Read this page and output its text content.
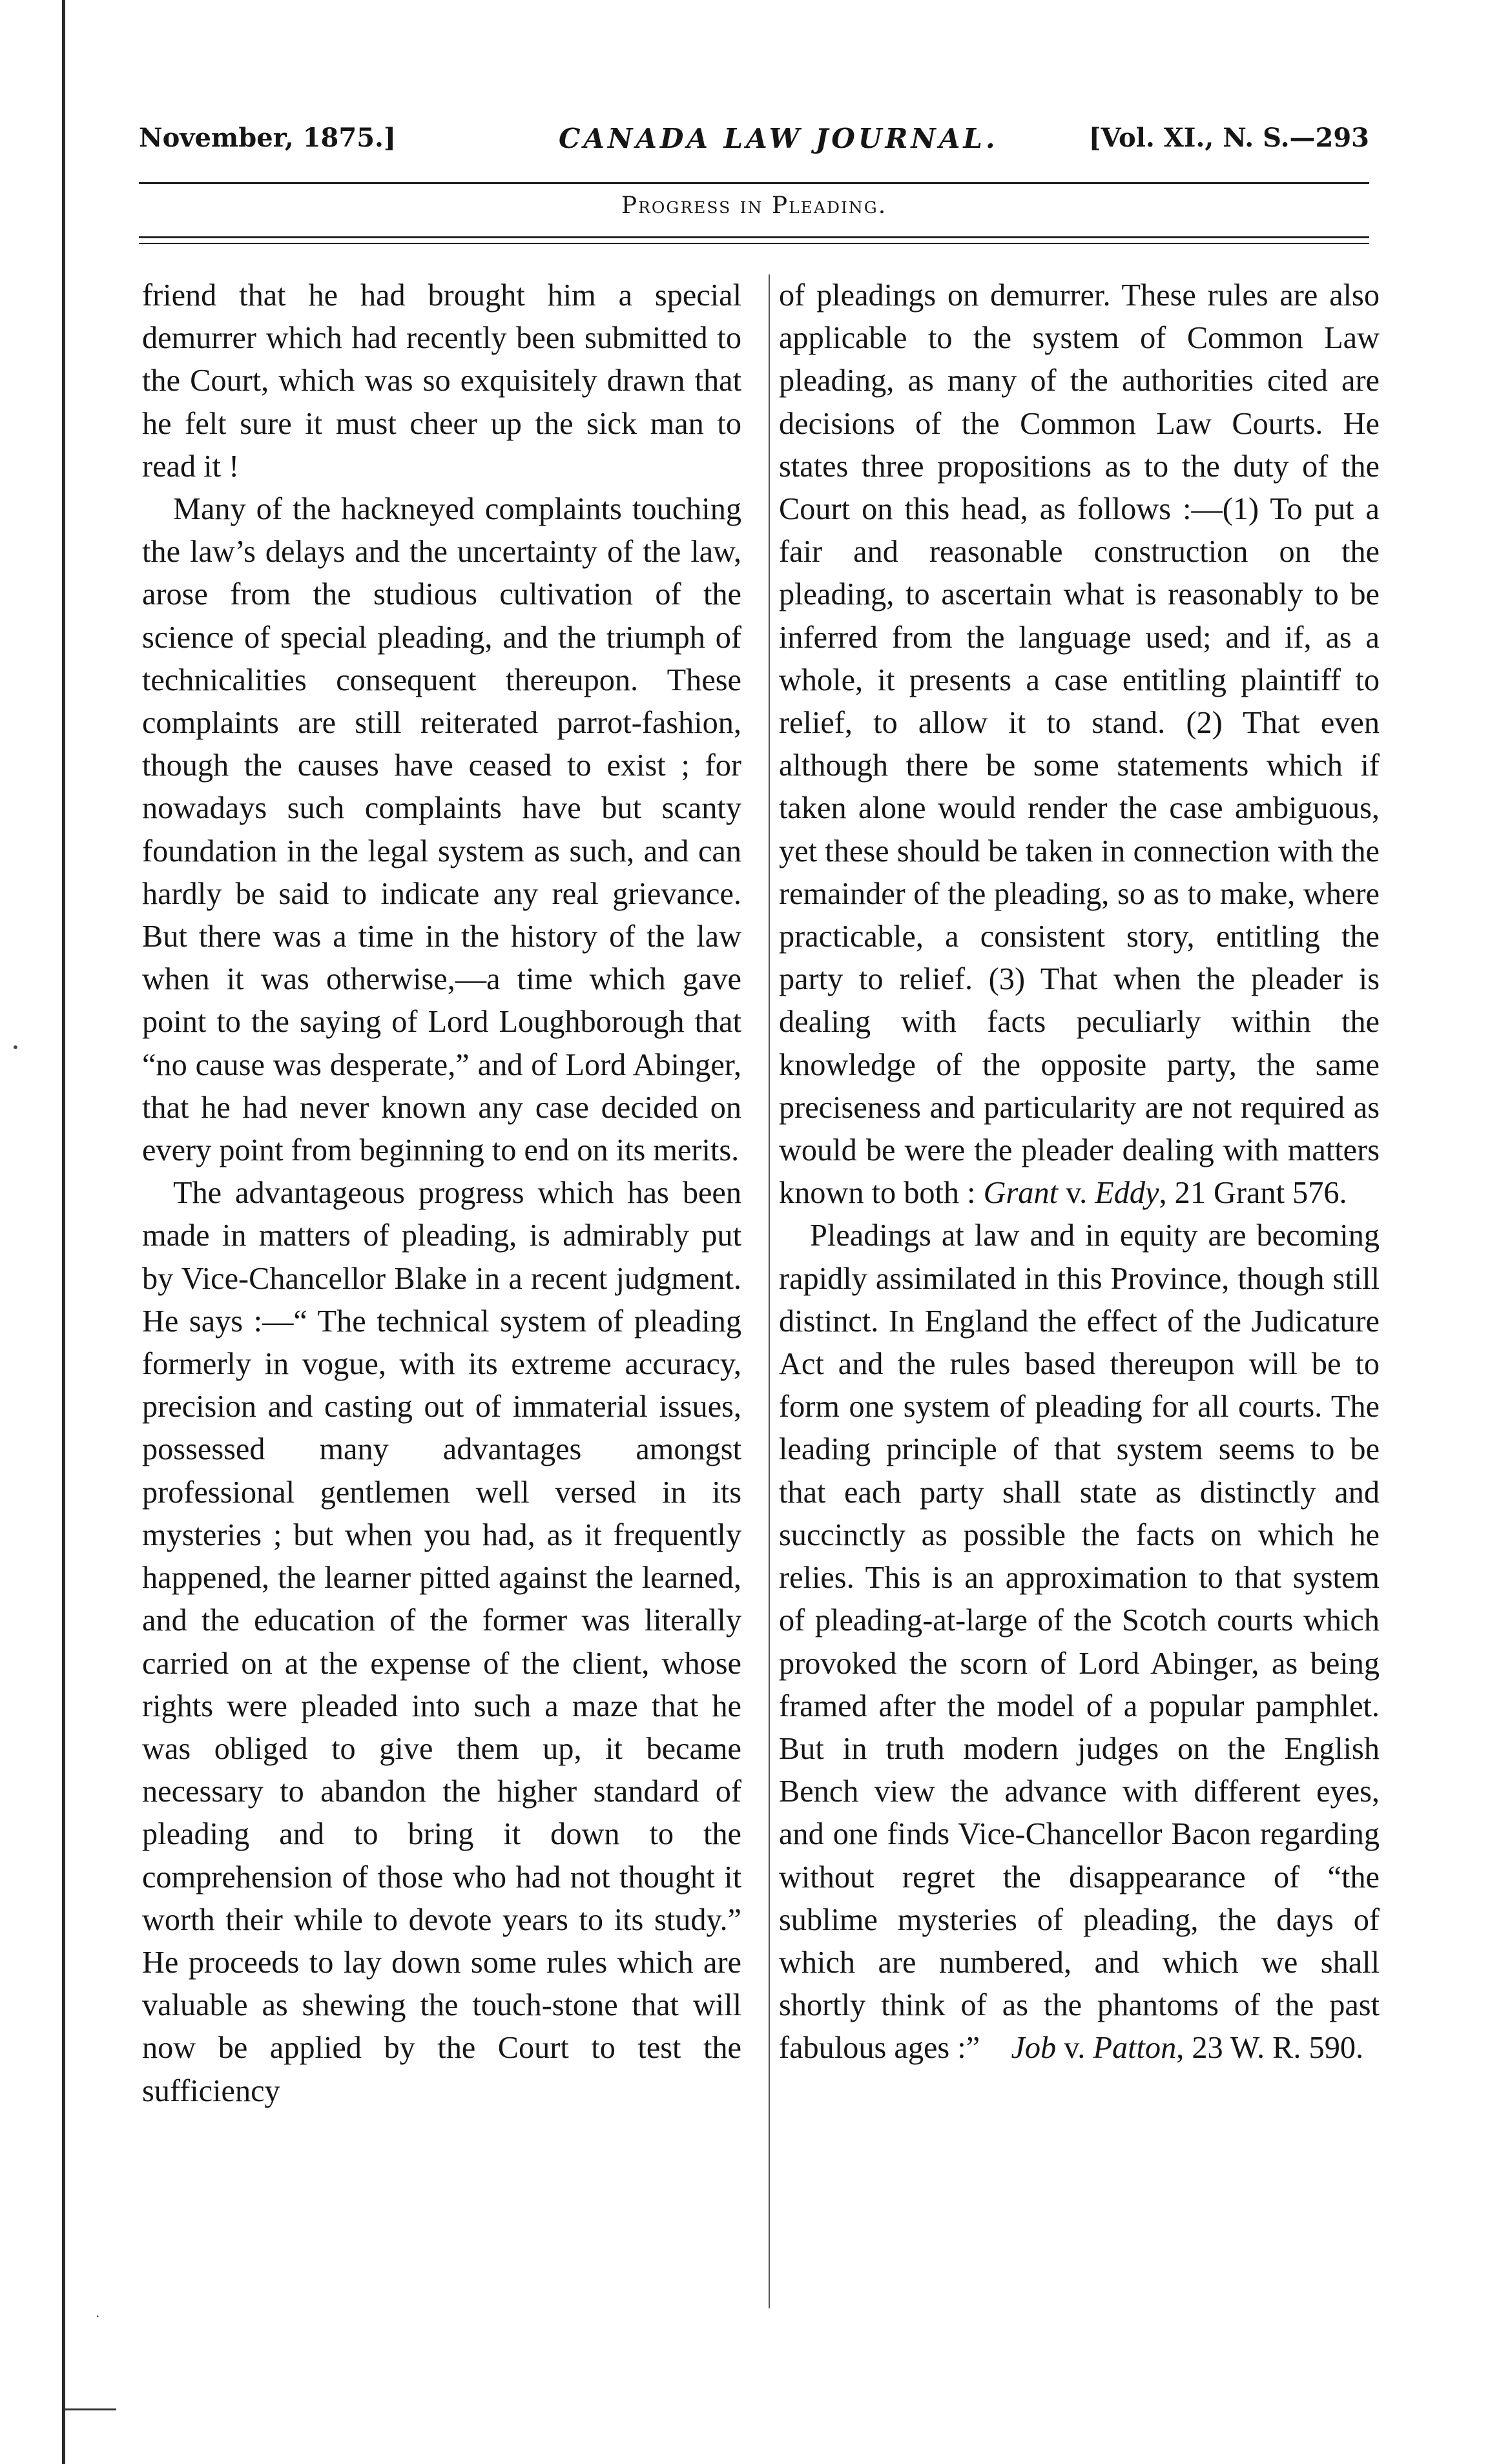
•
·
November, 1875.]	CANADA LAW JOURNAL.	[Vol. XI., N. S.—293
Progress in Pleading.

friend that he had brought him a special demurrer which had recently been submitted to the Court, which was so exquisitely drawn that he felt sure it must cheer up the sick man to read it !

Many of the hackneyed complaints touching the law’s delays and the uncertainty of the law, arose from the studious cultivation of the science of special pleading, and the triumph of technicalities consequent thereupon. These complaints are still reiterated parrot-fashion, though the causes have ceased to exist ; for nowadays such complaints have but scanty foundation in the legal system as such, and can hardly be said to indicate any real grievance. But there was a time in the history of the law when it was otherwise,—a time which gave point to the saying of Lord Loughborough that “no cause was desperate,” and of Lord Abinger, that he had never known any case decided on every point from beginning to end on its merits.

The advantageous progress which has been made in matters of pleading, is admirably put by Vice-Chancellor Blake in a recent judgment. He says :—“ The technical system of pleading formerly in vogue, with its extreme accuracy, precision and casting out of immaterial issues, possessed many advantages amongst professional gentlemen well versed in its mysteries ; but when you had, as it frequently happened, the learner pitted against the learned, and the education of the former was literally carried on at the expense of the client, whose rights were pleaded into such a maze that he was obliged to give them up, it became necessary to abandon the higher standard of pleading and to bring it down to the comprehension of those who had not thought it worth their while to devote years to its study.” He proceeds to lay down some rules which are valuable as shewing the touch-stone that will now be applied by the Court to test the sufficiency

of pleadings on demurrer. These rules are also applicable to the system of Common Law pleading, as many of the authorities cited are decisions of the Common Law Courts. He states three propositions as to the duty of the Court on this head, as follows :—(1) To put a fair and reasonable construction on the pleading, to ascertain what is reasonably to be inferred from the language used; and if, as a whole, it presents a case entitling plaintiff to relief, to allow it to stand. (2) That even although there be some statements which if taken alone would render the case ambiguous, yet these should be taken in connection with the remainder of the pleading, so as to make, where practicable, a consistent story, entitling the party to relief. (3) That when the pleader is dealing with facts peculiarly within the knowledge of the opposite party, the same preciseness and particularity are not required as would be were the pleader dealing with matters known to both : Grant v. Eddy, 21 Grant 576.

Pleadings at law and in equity are becoming rapidly assimilated in this Province, though still distinct. In England the effect of the Judicature Act and the rules based thereupon will be to form one system of pleading for all courts. The leading principle of that system seems to be that each party shall state as distinctly and succinctly as possible the facts on which he relies. This is an approximation to that system of pleading-at-large of the Scotch courts which provoked the scorn of Lord Abinger, as being framed after the model of a popular pamphlet. But in truth modern judges on the English Bench view the advance with different eyes, and one finds Vice-Chancellor Bacon regarding without regret the disappearance of “the sublime mysteries of pleading, the days of which are numbered, and which we shall shortly think of as the phantoms of the past fabulous ages :” Job v. Patton, 23 W. R. 590.
